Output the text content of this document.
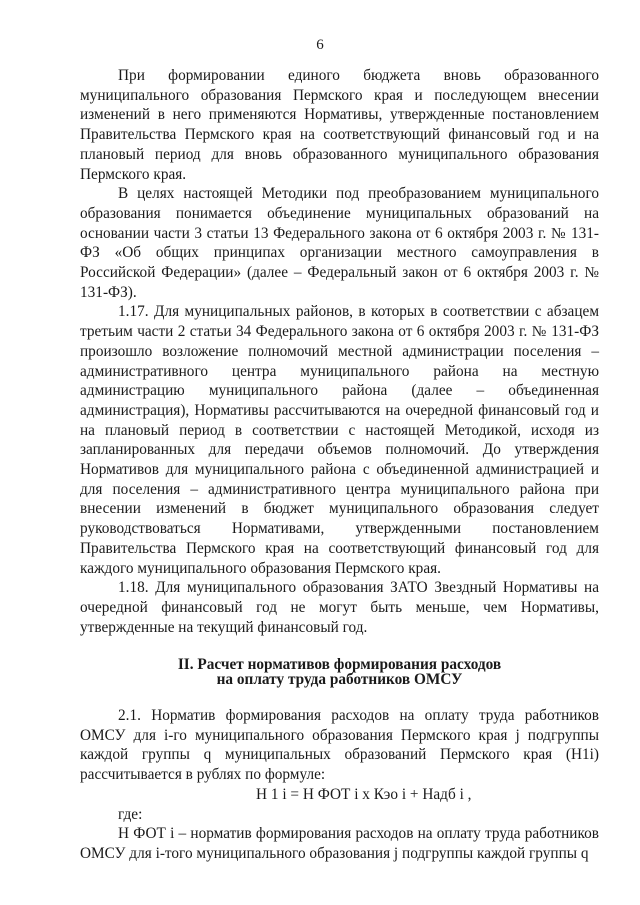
6

При формировании единого бюджета вновь образованного муниципального образования Пермского края и последующем внесении изменений в него применяются Нормативы, утвержденные постановлением Правительства Пермского края на соответствующий финансовый год и на плановый период для вновь образованного муниципального образования Пермского края.

В целях настоящей Методики под преобразованием муниципального образования понимается объединение муниципальных образований на основании части 3 статьи 13 Федерального закона от 6 октября 2003 г. № 131-ФЗ «Об общих принципах организации местного самоуправления в Российской Федерации» (далее – Федеральный закон от 6 октября 2003 г. № 131-ФЗ).

1.17. Для муниципальных районов, в которых в соответствии с абзацем третьим части 2 статьи 34 Федерального закона от 6 октября 2003 г. № 131-ФЗ произошло возложение полномочий местной администрации поселения – административного центра муниципального района на местную администрацию муниципального района (далее – объединенная администрация), Нормативы рассчитываются на очередной финансовый год и на плановый период в соответствии с настоящей Методикой, исходя из запланированных для передачи объемов полномочий. До утверждения Нормативов для муниципального района с объединенной администрацией и для поселения – административного центра муниципального района при внесении изменений в бюджет муниципального образования следует руководствоваться Нормативами, утвержденными постановлением Правительства Пермского края на соответствующий финансовый год для каждого муниципального образования Пермского края.

1.18. Для муниципального образования ЗАТО Звездный Нормативы на очередной финансовый год не могут быть меньше, чем Нормативы, утвержденные на текущий финансовый год.

II. Расчет нормативов формирования расходов
на оплату труда работников ОМСУ

2.1. Норматив формирования расходов на оплату труда работников ОМСУ для i-го муниципального образования Пермского края j подгруппы каждой группы q муниципальных образований Пермского края (Н1i) рассчитывается в рублях по формуле:

Н 1 i = Н ФОТ i х Кэо i + Надб i ,

где:

Н ФОТ i – норматив формирования расходов на оплату труда работников ОМСУ для i-того муниципального образования j подгруппы каждой группы q
